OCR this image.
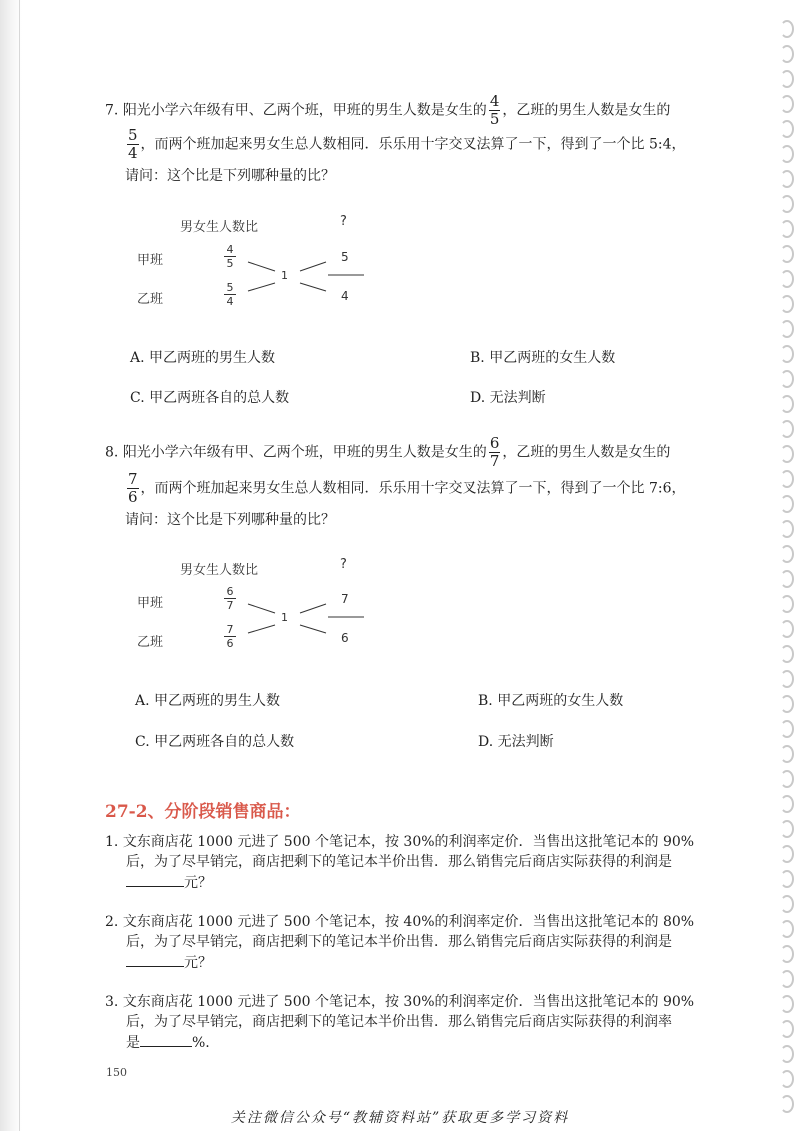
7. 阳光小学六年级有甲、乙两个班，甲班的男生人数是女生的 $\frac{4}{5}$ ，乙班的男生人数是女生的
$\frac{5}{4}$ ，而两个班加起来男女生总人数相同．乐乐用十字交叉法算了一下，得到了一个比 5:4，
请问：这个比是下列哪种量的比？
男女生人数比	?
甲班
乙班
$\frac{4}{5}$
$\frac{5}{4}$
1
5
4
A. 甲乙两班的男生人数	B. 甲乙两班的女生人数
C. 甲乙两班各自的总人数	D. 无法判断
8. 阳光小学六年级有甲、乙两个班，甲班的男生人数是女生的 $\frac{6}{7}$ ，乙班的男生人数是女生的
$\frac{7}{6}$ ，而两个班加起来男女生总人数相同．乐乐用十字交叉法算了一下，得到了一个比 7:6，
请问：这个比是下列哪种量的比？
男女生人数比	?
甲班
乙班
$\frac{6}{7}$
$\frac{7}{6}$
1
7
6
A. 甲乙两班的男生人数	B. 甲乙两班的女生人数
C. 甲乙两班各自的总人数	D. 无法判断
27-2、分阶段销售商品：
1. 文东商店花 1000 元进了 500 个笔记本，按 30%的利润率定价．当售出这批笔记本的 90%
后，为了尽早销完，商店把剩下的笔记本半价出售．那么销售完后商店实际获得的利润是
元？
2. 文东商店花 1000 元进了 500 个笔记本，按 40%的利润率定价．当售出这批笔记本的 80%
后，为了尽早销完，商店把剩下的笔记本半价出售．那么销售完后商店实际获得的利润是
元？
3. 文东商店花 1000 元进了 500 个笔记本，按 30%的利润率定价．当售出这批笔记本的 90%
后，为了尽早销完，商店把剩下的笔记本半价出售．那么销售完后商店实际获得的利润率
是	%.
150
关注微信公众号“教辅资料站”获取更多学习资料
